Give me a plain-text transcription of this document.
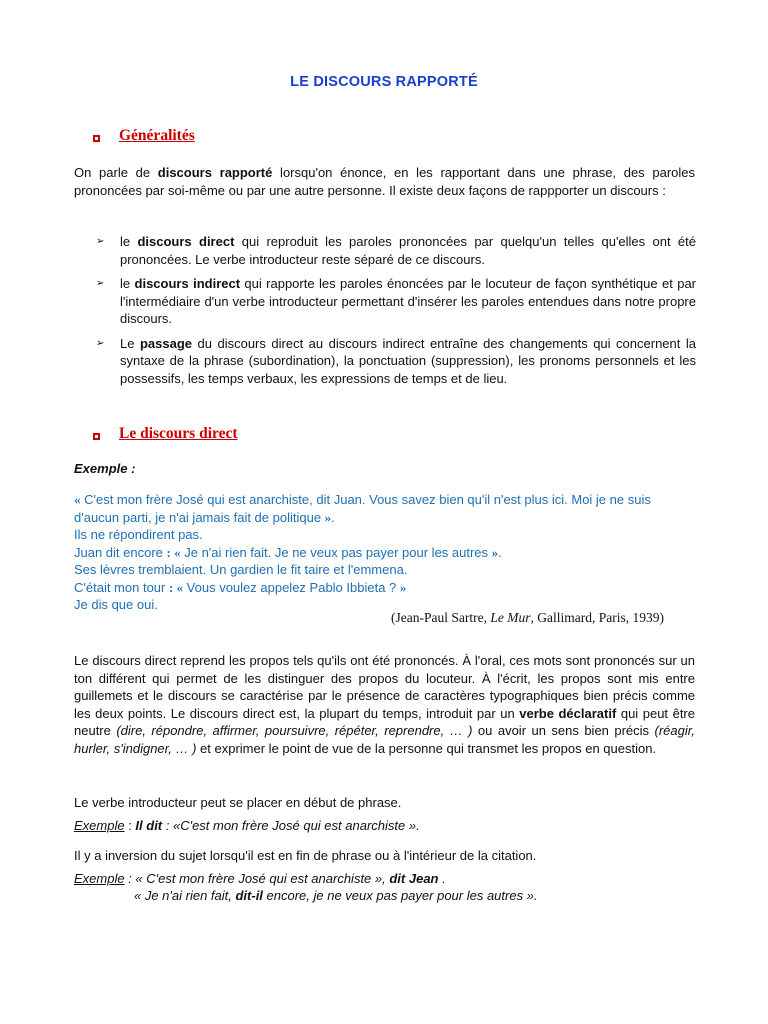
LE DISCOURS RAPPORTÉ
Généralités

On parle de discours rapporté lorsqu'on énonce, en les rapportant dans une phrase, des paroles prononcées par soi-même ou par une autre personne. Il existe deux façons de rappporter un discours :

➢ le discours direct qui reproduit les paroles prononcées par quelqu'un telles qu'elles ont été prononcées. Le verbe introducteur reste séparé de ce discours.
➢ le discours indirect qui rapporte les paroles énoncées par le locuteur de façon synthétique et par l'intermédiaire d'un verbe introducteur permettant d'insérer les paroles entendues dans notre propre discours.
➢ Le passage du discours direct au discours indirect entraîne des changements qui concernent la syntaxe de la phrase (subordination), la ponctuation (suppression), les pronoms personnels et les possessifs, les temps verbaux, les expressions de temps et de lieu.
Le discours direct

Exemple :

« C'est mon frère José qui est anarchiste, dit Juan. Vous savez bien qu'il n'est plus ici. Moi je ne suis d'aucun parti, je n'ai jamais fait de politique ».
Ils ne répondirent pas.
Juan dit encore : « Je n'ai rien fait. Je ne veux pas payer pour les autres ».
Ses lèvres tremblaient. Un gardien le fit taire et l'emmena.
C'était mon tour : « Vous voulez appelez Pablo Ibbieta ? »
Je dis que oui.

(Jean-Paul Sartre, Le Mur, Gallimard, Paris, 1939)

Le discours direct reprend les propos tels qu'ils ont été prononcés. À l'oral, ces mots sont prononcés sur un ton différent qui permet de les distinguer des propos du locuteur. À l'écrit, les propos sont mis entre guillemets et le discours se caractérise par le présence de caractères typographiques bien précis comme les deux points. Le discours direct est, la plupart du temps, introduit par un verbe déclaratif qui peut être neutre (dire, répondre, affirmer, poursuivre, répéter, reprendre, … ) ou avoir un sens bien précis (réagir, hurler, s'indigner, … ) et exprimer le point de vue de la personne qui transmet les propos en question.

Le verbe introducteur peut se placer en début de phrase.

Exemple : Il dit : «C'est mon frère José qui est anarchiste ».

Il y a inversion du sujet lorsqu'il est en fin de phrase ou à l'intérieur de la citation.

Exemple : « C'est mon frère José qui est anarchiste », dit Jean .

« Je n'ai rien fait, dit-il encore, je ne veux pas payer pour les autres ».
